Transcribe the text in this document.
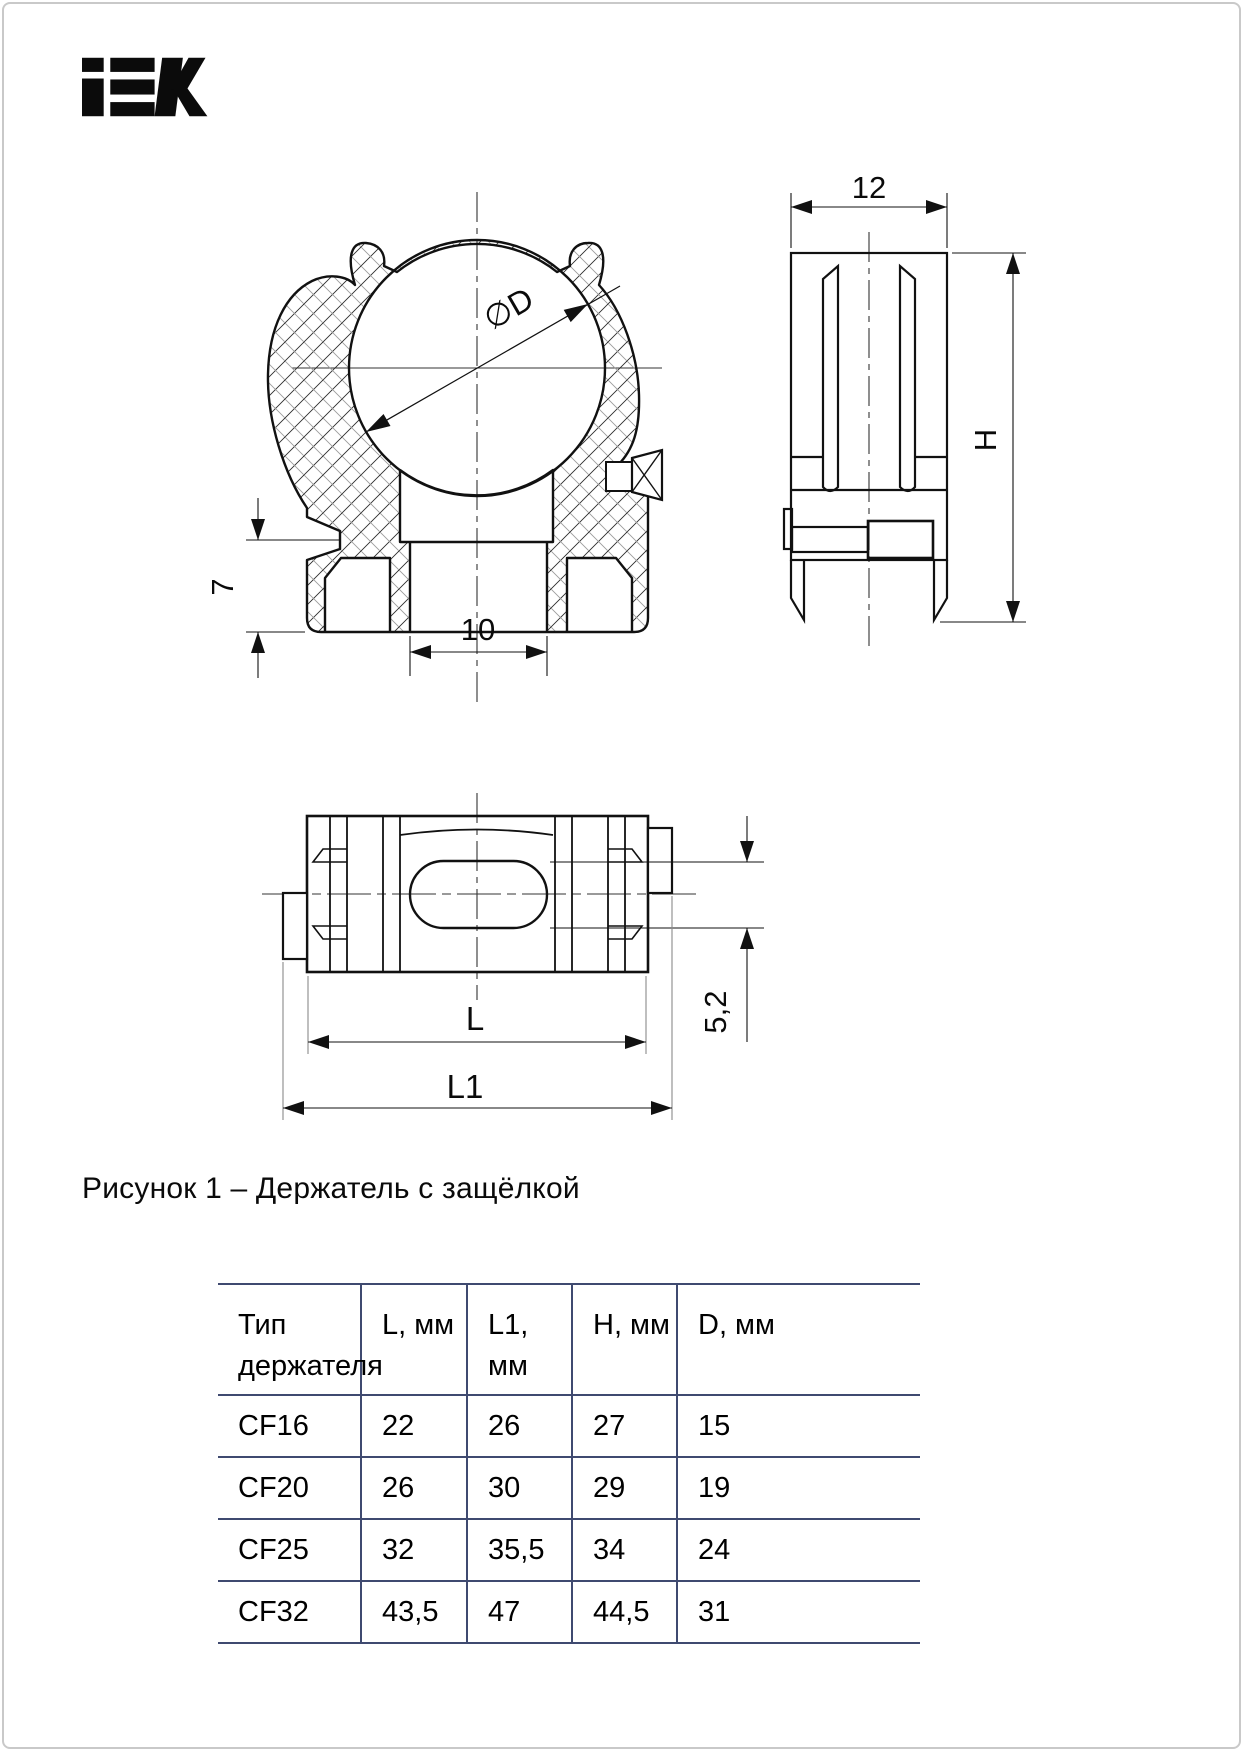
∅D
7
10
12
H
5,2
L
L1
Рисунок 1 – Держатель с защёлкой
Тип держателя	L, мм	L1, мм	H, мм	D, мм
CF16	22	26	27	15
CF20	26	30	29	19
CF25	32	35,5	34	24
CF32	43,5	47	44,5	31
